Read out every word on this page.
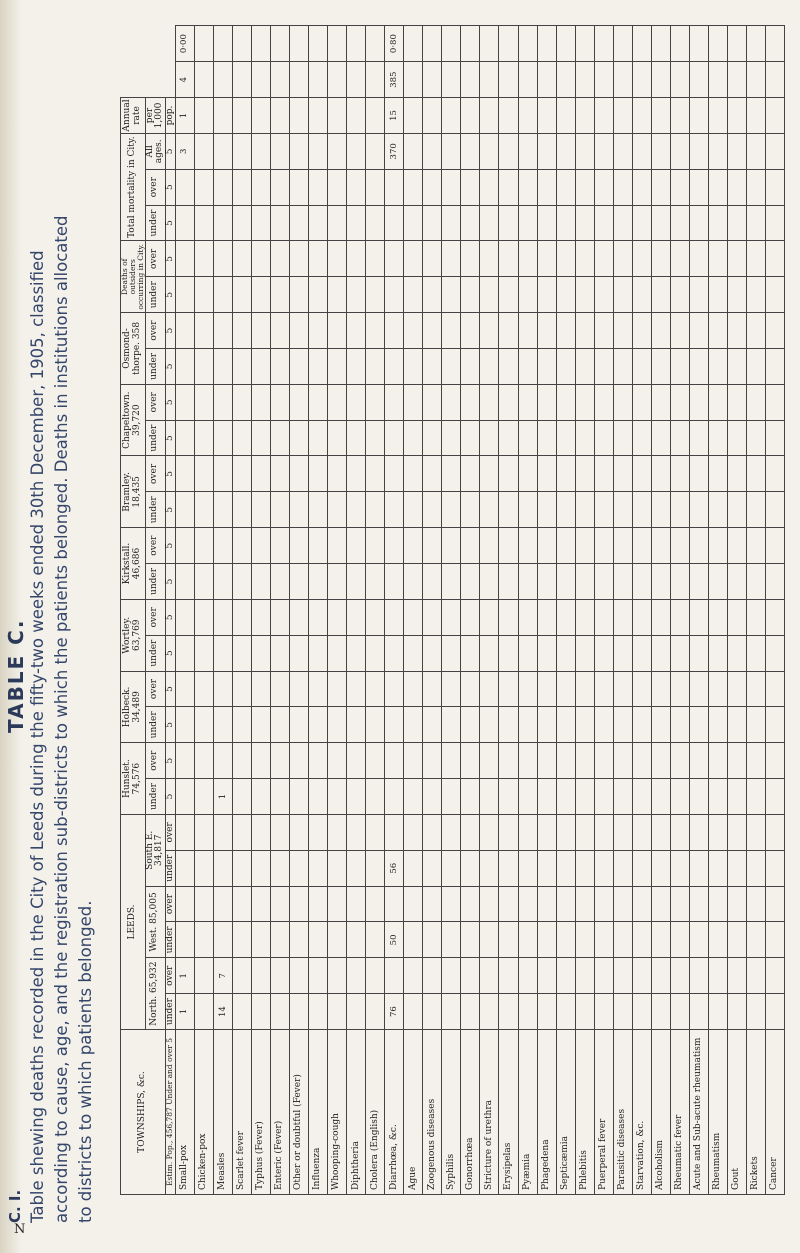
C. I.
TABLE C. Table shewing deaths recorded in the City of Leeds during the fifty-two weeks ended 30th December, 1905, classified according to cause, age, and the registration sub-districts to which the patients belonged. Deaths in institutions allocated to districts to which patients belonged.	TOWNSHIPS, &c.	LEEDS.						Hunslet. 74,576		Holbeck. 34,489		Wortley. 63,769		Kirkstall. 46,686		Bramley. 18,435		Chapeltown. 39,720		Osmond-thorpe. 358		Deaths of outsiders occurring in City.		Total mortality in City.			Annual rate		
	North. 65,932		West. 85,005		South E. 34,817		under	over	under	over	under	over	under	over	under	over	under	over	under	over	under	over	under	over	All ages.	per 1,000		
Estim. Pop., 456,787 Under and over 5	under	over	under	over	under	over	5	5	5	5	5	5	5	5	5	5	5	5	5	5	5	5	5	5	5	pop.		
Small-pox	1	1																							3	1	4	0·00
Chicken-pox																												
Measles	14	7					1																					
Scarlet fever																												
Typhus (Fever)																												
Enteric (Fever)																												
Other or doubtful (Fever)																												
Influenza																												
Whooping-cough																												
Diphtheria																												
Cholera (English)																												
Diarrhœa, &c.	76		50		56																				370	15	385	0·80
Ague																												
Zoogenous diseases																												
Syphilis																												
Gonorrhœa																												
Stricture of urethra																												
Erysipelas																												
Pyæmia																												
Phagedena																												
Septicæmia																												
Phlebitis																												
Puerperal fever																												
Parasitic diseases																												
Starvation, &c.																												
Alcoholism																												
Rheumatic fever																												
Acute and Sub-acute rheumatism																												
Rheumatism																												
Gout																												
Rickets																												
Cancer																												
N
